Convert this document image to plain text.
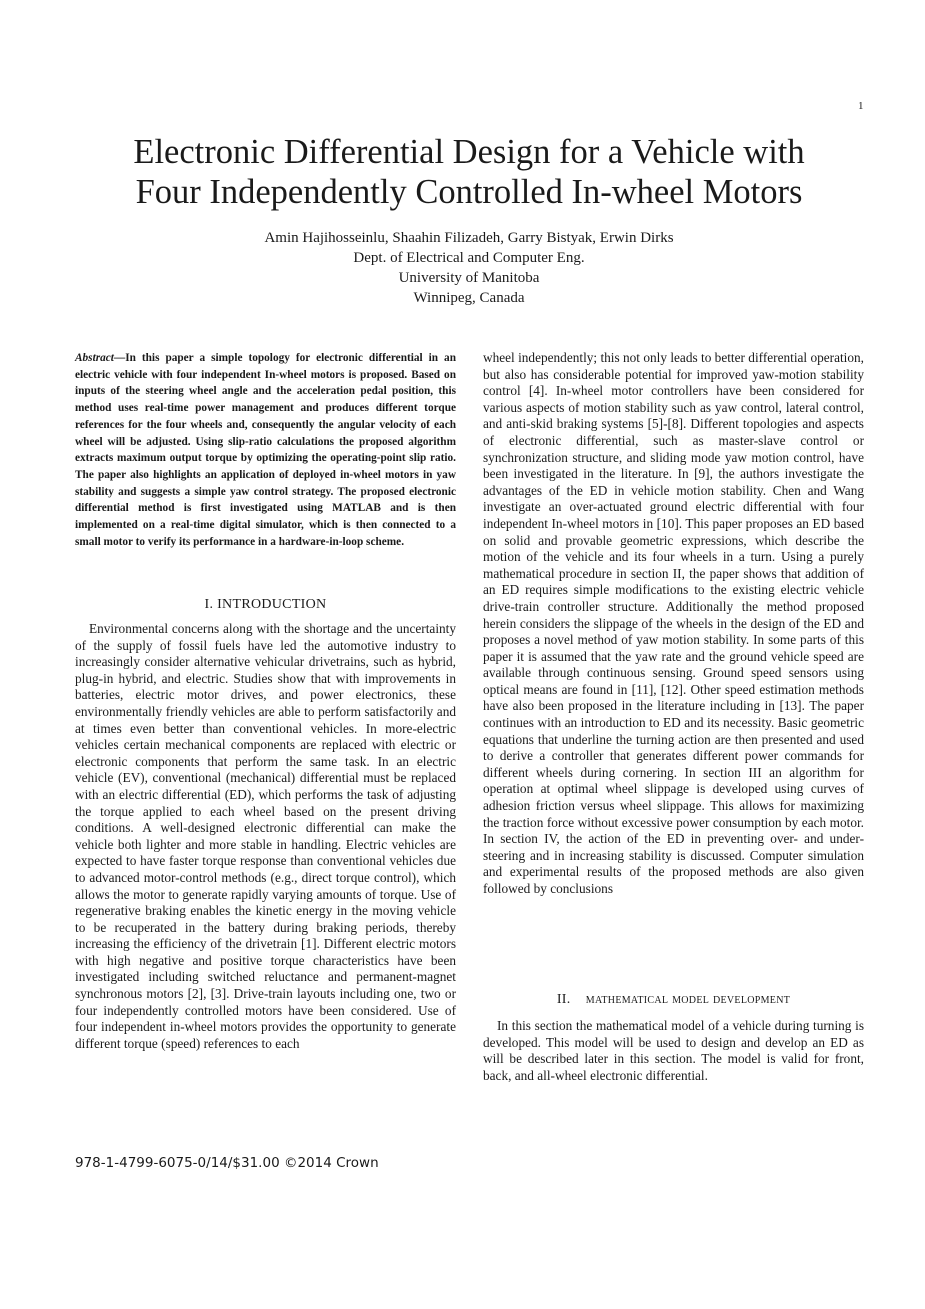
1
Electronic Differential Design for a Vehicle with
Four Independently Controlled In-wheel Motors
Amin Hajihosseinlu, Shaahin Filizadeh, Garry Bistyak, Erwin Dirks
Dept. of Electrical and Computer Eng.
University of Manitoba
Winnipeg, Canada
Abstract—In this paper a simple topology for electronic differential in an electric vehicle with four independent In-wheel motors is proposed. Based on inputs of the steering wheel angle and the acceleration pedal position, this method uses real-time power management and produces different torque references for the four wheels and, consequently the angular velocity of each wheel will be adjusted. Using slip-ratio calculations the proposed algorithm extracts maximum output torque by optimizing the operating-point slip ratio. The paper also highlights an application of deployed in-wheel motors in yaw stability and suggests a simple yaw control strategy. The proposed electronic differential method is first investigated using MATLAB and is then implemented on a real-time digital simulator, which is then connected to a small motor to verify its performance in a hardware-in-loop scheme.
I. INTRODUCTION

Environmental concerns along with the shortage and the uncertainty of the supply of fossil fuels have led the automotive industry to increasingly consider alternative vehicular drivetrains, such as hybrid, plug-in hybrid, and electric. Studies show that with improvements in batteries, electric motor drives, and power electronics, these environmentally friendly vehicles are able to perform satisfactorily and at times even better than conventional vehicles. In more-electric vehicles certain mechanical components are replaced with electric or electronic components that perform the same task. In an electric vehicle (EV), conventional (mechanical) differential must be replaced with an electric differential (ED), which performs the task of adjusting the torque applied to each wheel based on the present driving conditions. A well-designed electronic differential can make the vehicle both lighter and more stable in handling. Electric vehicles are expected to have faster torque response than conventional vehicles due to advanced motor-control methods (e.g., direct torque control), which allows the motor to generate rapidly varying amounts of torque. Use of regenerative braking enables the kinetic energy in the moving vehicle to be recuperated in the battery during braking periods, thereby increasing the efficiency of the drivetrain [1]. Different electric motors with high negative and positive torque characteristics have been investigated including switched reluctance and permanent-magnet synchronous motors [2], [3]. Drive-train layouts including one, two or four independently controlled motors have been considered. Use of four independent in-wheel motors provides the opportunity to generate different torque (speed) references to each

wheel independently; this not only leads to better differential operation, but also has considerable potential for improved yaw-motion stability control [4]. In-wheel motor controllers have been considered for various aspects of motion stability such as yaw control, lateral control, and anti-skid braking systems [5]-[8]. Different topologies and aspects of electronic differential, such as master-slave control or synchronization structure, and sliding mode yaw motion control, have been investigated in the literature. In [9], the authors investigate the advantages of the ED in vehicle motion stability. Chen and Wang investigate an over-actuated ground electric differential with four independent In-wheel motors in [10]. This paper proposes an ED based on solid and provable geometric expressions, which describe the motion of the vehicle and its four wheels in a turn. Using a purely mathematical procedure in section II, the paper shows that addition of an ED requires simple modifications to the existing electric vehicle drive-train controller structure. Additionally the method proposed herein considers the slippage of the wheels in the design of the ED and proposes a novel method of yaw motion stability. In some parts of this paper it is assumed that the yaw rate and the ground vehicle speed are available through continuous sensing. Ground speed sensors using optical means are found in [11], [12]. Other speed estimation methods have also been proposed in the literature including in [13]. The paper continues with an introduction to ED and its necessity. Basic geometric equations that underline the turning action are then presented and used to derive a controller that generates different power commands for different wheels during cornering. In section III an algorithm for operation at optimal wheel slippage is developed using curves of adhesion friction versus wheel slippage. This allows for maximizing the traction force without excessive power consumption by each motor. In section IV, the action of the ED in preventing over- and under-steering and in increasing stability is discussed. Computer simulation and experimental results of the proposed methods are also given followed by conclusions

II. mathematical model development

In this section the mathematical model of a vehicle during turning is developed. This model will be used to design and develop an ED as will be described later in this section. The model is valid for front, back, and all-wheel electronic differential.

978-1-4799-6075-0/14/$31.00 ©2014 Crown
